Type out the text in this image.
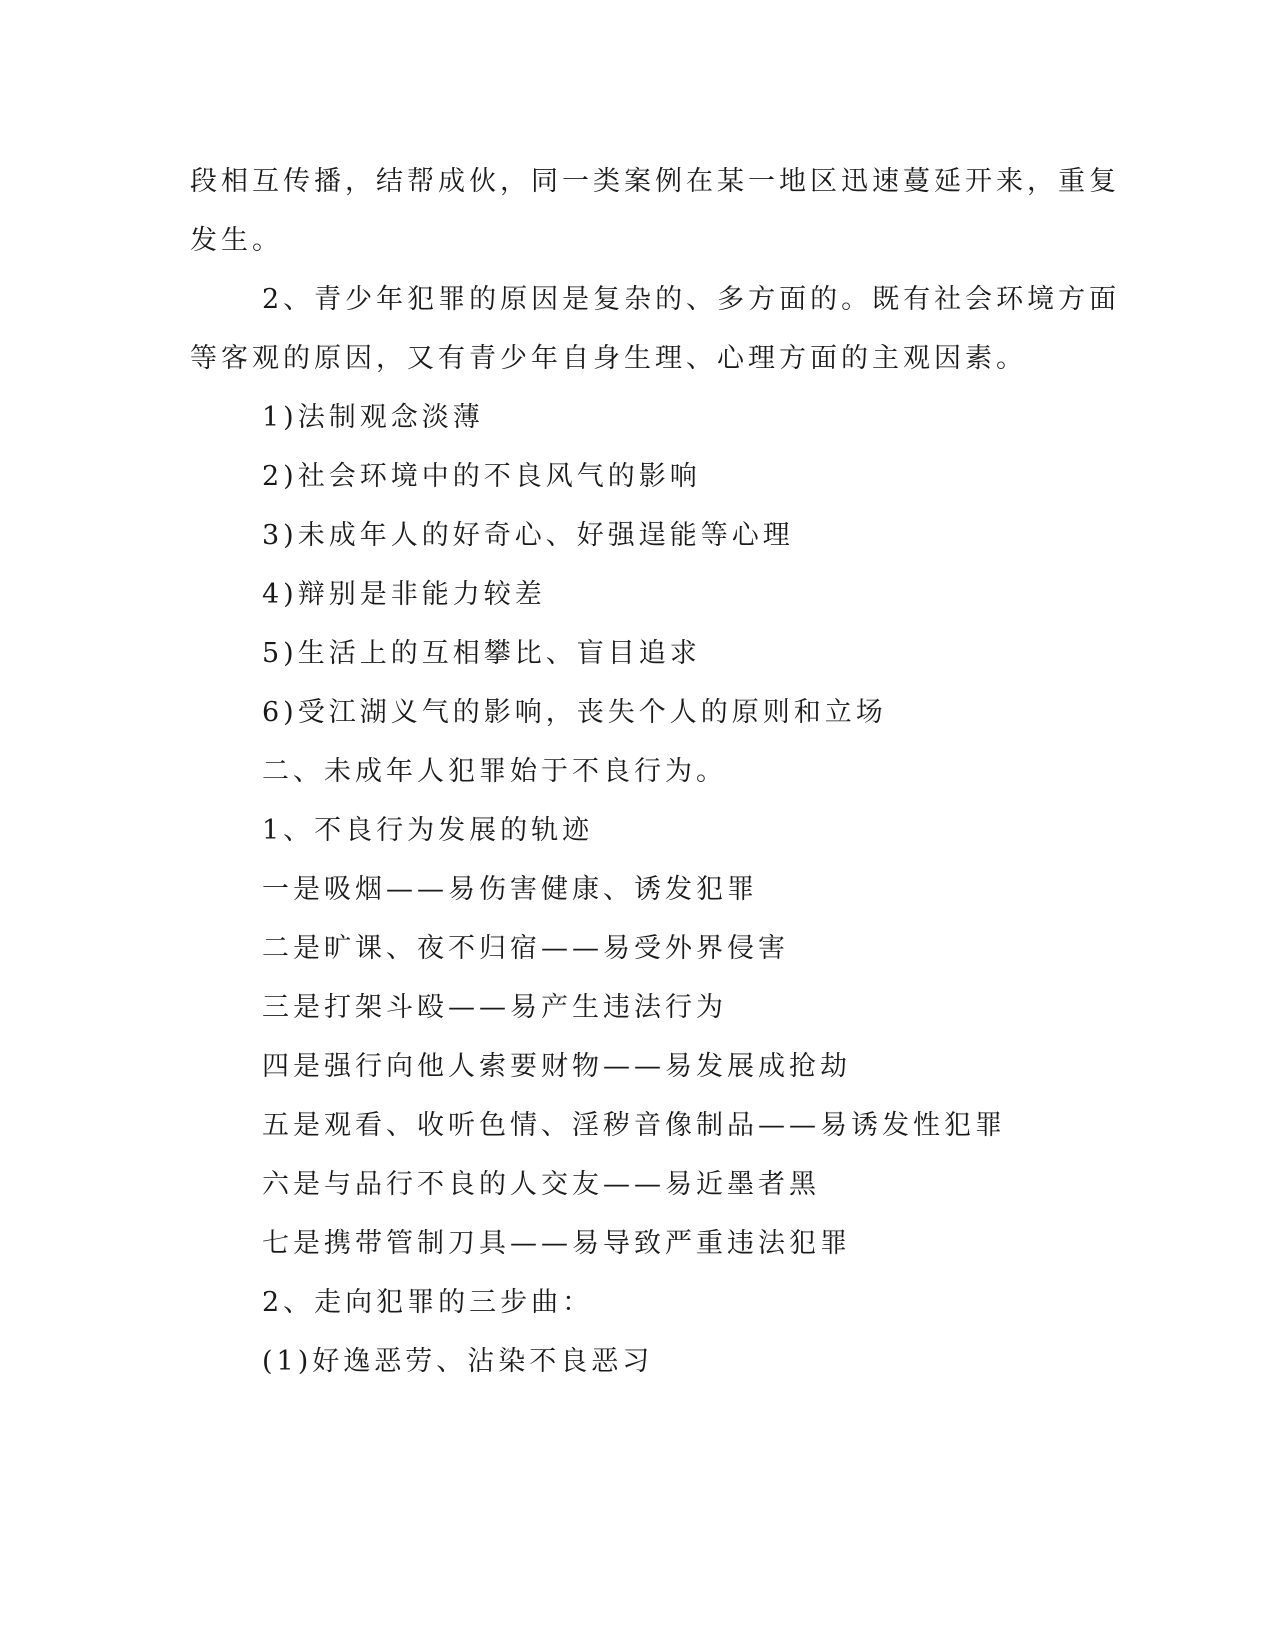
段相互传播，结帮成伙，同一类案例在某一地区迅速蔓延开来，重复
发生。
2、青少年犯罪的原因是复杂的、多方面的。既有社会环境方面
等客观的原因，又有青少年自身生理、心理方面的主观因素。
1)法制观念淡薄
2)社会环境中的不良风气的影响
3)未成年人的好奇心、好强逞能等心理
4)辩别是非能力较差
5)生活上的互相攀比、盲目追求
6)受江湖义气的影响，丧失个人的原则和立场
二、未成年人犯罪始于不良行为。
1、不良行为发展的轨迹
一是吸烟——易伤害健康、诱发犯罪
二是旷课、夜不归宿——易受外界侵害
三是打架斗殴——易产生违法行为
四是强行向他人索要财物——易发展成抢劫
五是观看、收听色情、淫秽音像制品——易诱发性犯罪
六是与品行不良的人交友——易近墨者黑
七是携带管制刀具——易导致严重违法犯罪
2、走向犯罪的三步曲：
(1)好逸恶劳、沾染不良恶习
